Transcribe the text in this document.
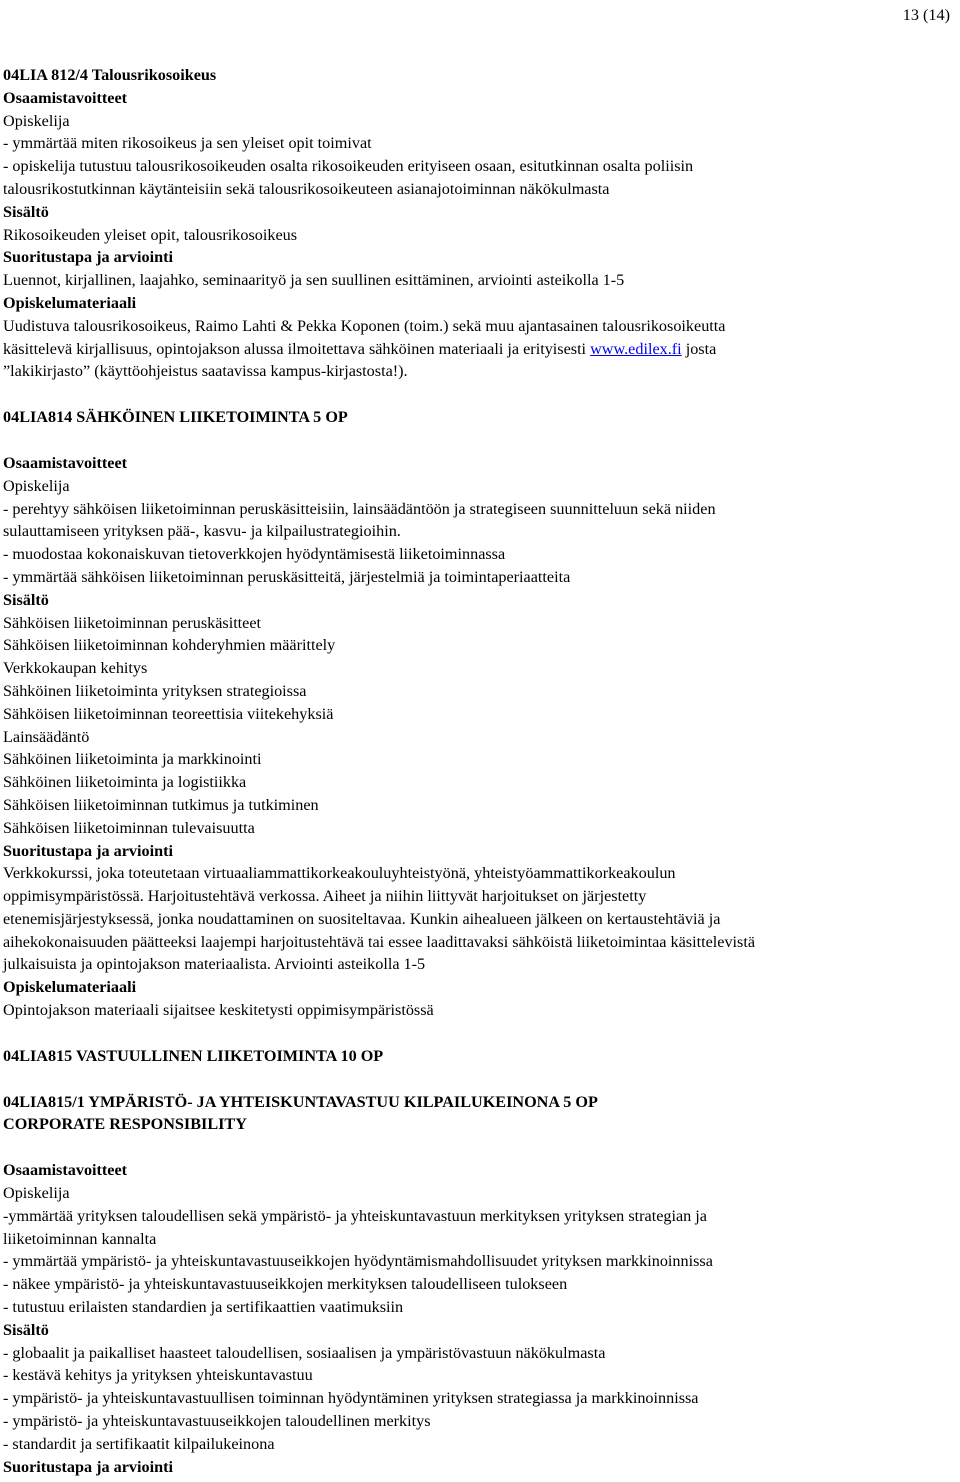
13 (14)
04LIA 812/4 Talousrikosoikeus
Osaamistavoitteet
Opiskelija
- ymmärtää miten rikosoikeus ja sen yleiset opit toimivat
- opiskelija tutustuu talousrikosoikeuden osalta rikosoikeuden erityiseen osaan, esitutkinnan osalta poliisin
talousrikostutkinnan käytänteisiin sekä talousrikosoikeuteen asianajotoiminnan näkökulmasta
Sisältö
Rikosoikeuden yleiset opit, talousrikosoikeus
Suoritustapa ja arviointi
Luennot, kirjallinen, laajahko, seminaarityö ja sen suullinen esittäminen, arviointi asteikolla 1-5
Opiskelumateriaali
Uudistuva talousrikosoikeus, Raimo Lahti & Pekka Koponen (toim.) sekä muu ajantasainen talousrikosoikeutta
käsittelevä kirjallisuus, opintojakson alussa ilmoitettava sähköinen materiaali ja erityisesti www.edilex.fi josta
”lakikirjasto” (käyttöohjeistus saatavissa kampus-kirjastosta!).
04LIA814 SÄHKÖINEN LIIKETOIMINTA 5 OP
Osaamistavoitteet
Opiskelija
- perehtyy sähköisen liiketoiminnan peruskäsitteisiin, lainsäädäntöön ja strategiseen suunnitteluun sekä niiden
sulauttamiseen yrityksen pää-, kasvu- ja kilpailustrategioihin.
- muodostaa kokonaiskuvan tietoverkkojen hyödyntämisestä liiketoiminnassa
- ymmärtää sähköisen liiketoiminnan peruskäsitteitä, järjestelmiä ja toimintaperiaatteita
Sisältö
Sähköisen liiketoiminnan peruskäsitteet
Sähköisen liiketoiminnan kohderyhmien määrittely
Verkkokaupan kehitys
Sähköinen liiketoiminta yrityksen strategioissa
Sähköisen liiketoiminnan teoreettisia viitekehyksiä
Lainsäädäntö
Sähköinen liiketoiminta ja markkinointi
Sähköinen liiketoiminta ja logistiikka
Sähköisen liiketoiminnan tutkimus ja tutkiminen
Sähköisen liiketoiminnan tulevaisuutta
Suoritustapa ja arviointi
Verkkokurssi, joka toteutetaan virtuaaliammattikorkeakouluyhteistyönä, yhteistyöammattikorkeakoulun
oppimisympäristössä. Harjoitustehtävä verkossa. Aiheet ja niihin liittyvät harjoitukset on järjestetty
etenemisjärjestyksessä, jonka noudattaminen on suositeltavaa. Kunkin aihealueen jälkeen on kertaustehtäviä ja
aihekokonaisuuden päätteeksi laajempi harjoitustehtävä tai essee laadittavaksi sähköistä liiketoimintaa käsittelevistä
julkaisuista ja opintojakson materiaalista. Arviointi asteikolla 1-5
Opiskelumateriaali
Opintojakson materiaali sijaitsee keskitetysti oppimisympäristössä
04LIA815 VASTUULLINEN LIIKETOIMINTA 10 OP
04LIA815/1 YMPÄRISTÖ- JA YHTEISKUNTAVASTUU KILPAILUKEINONA 5 OP
CORPORATE RESPONSIBILITY
Osaamistavoitteet
Opiskelija
-ymmärtää yrityksen taloudellisen sekä ympäristö- ja yhteiskuntavastuun merkityksen yrityksen strategian ja
liiketoiminnan kannalta
- ymmärtää ympäristö- ja yhteiskuntavastuuseikkojen hyödyntämismahdollisuudet yrityksen markkinoinnissa
- näkee ympäristö- ja yhteiskuntavastuuseikkojen merkityksen taloudelliseen tulokseen
- tutustuu erilaisten standardien ja sertifikaattien vaatimuksiin
Sisältö
- globaalit ja paikalliset haasteet taloudellisen, sosiaalisen ja ympäristövastuun näkökulmasta
- kestävä kehitys ja yrityksen yhteiskuntavastuu
- ympäristö- ja yhteiskuntavastuullisen toiminnan hyödyntäminen yrityksen strategiassa ja markkinoinnissa
- ympäristö- ja yhteiskuntavastuuseikkojen taloudellinen merkitys
- standardit ja sertifikaatit kilpailukeinona
Suoritustapa ja arviointi
